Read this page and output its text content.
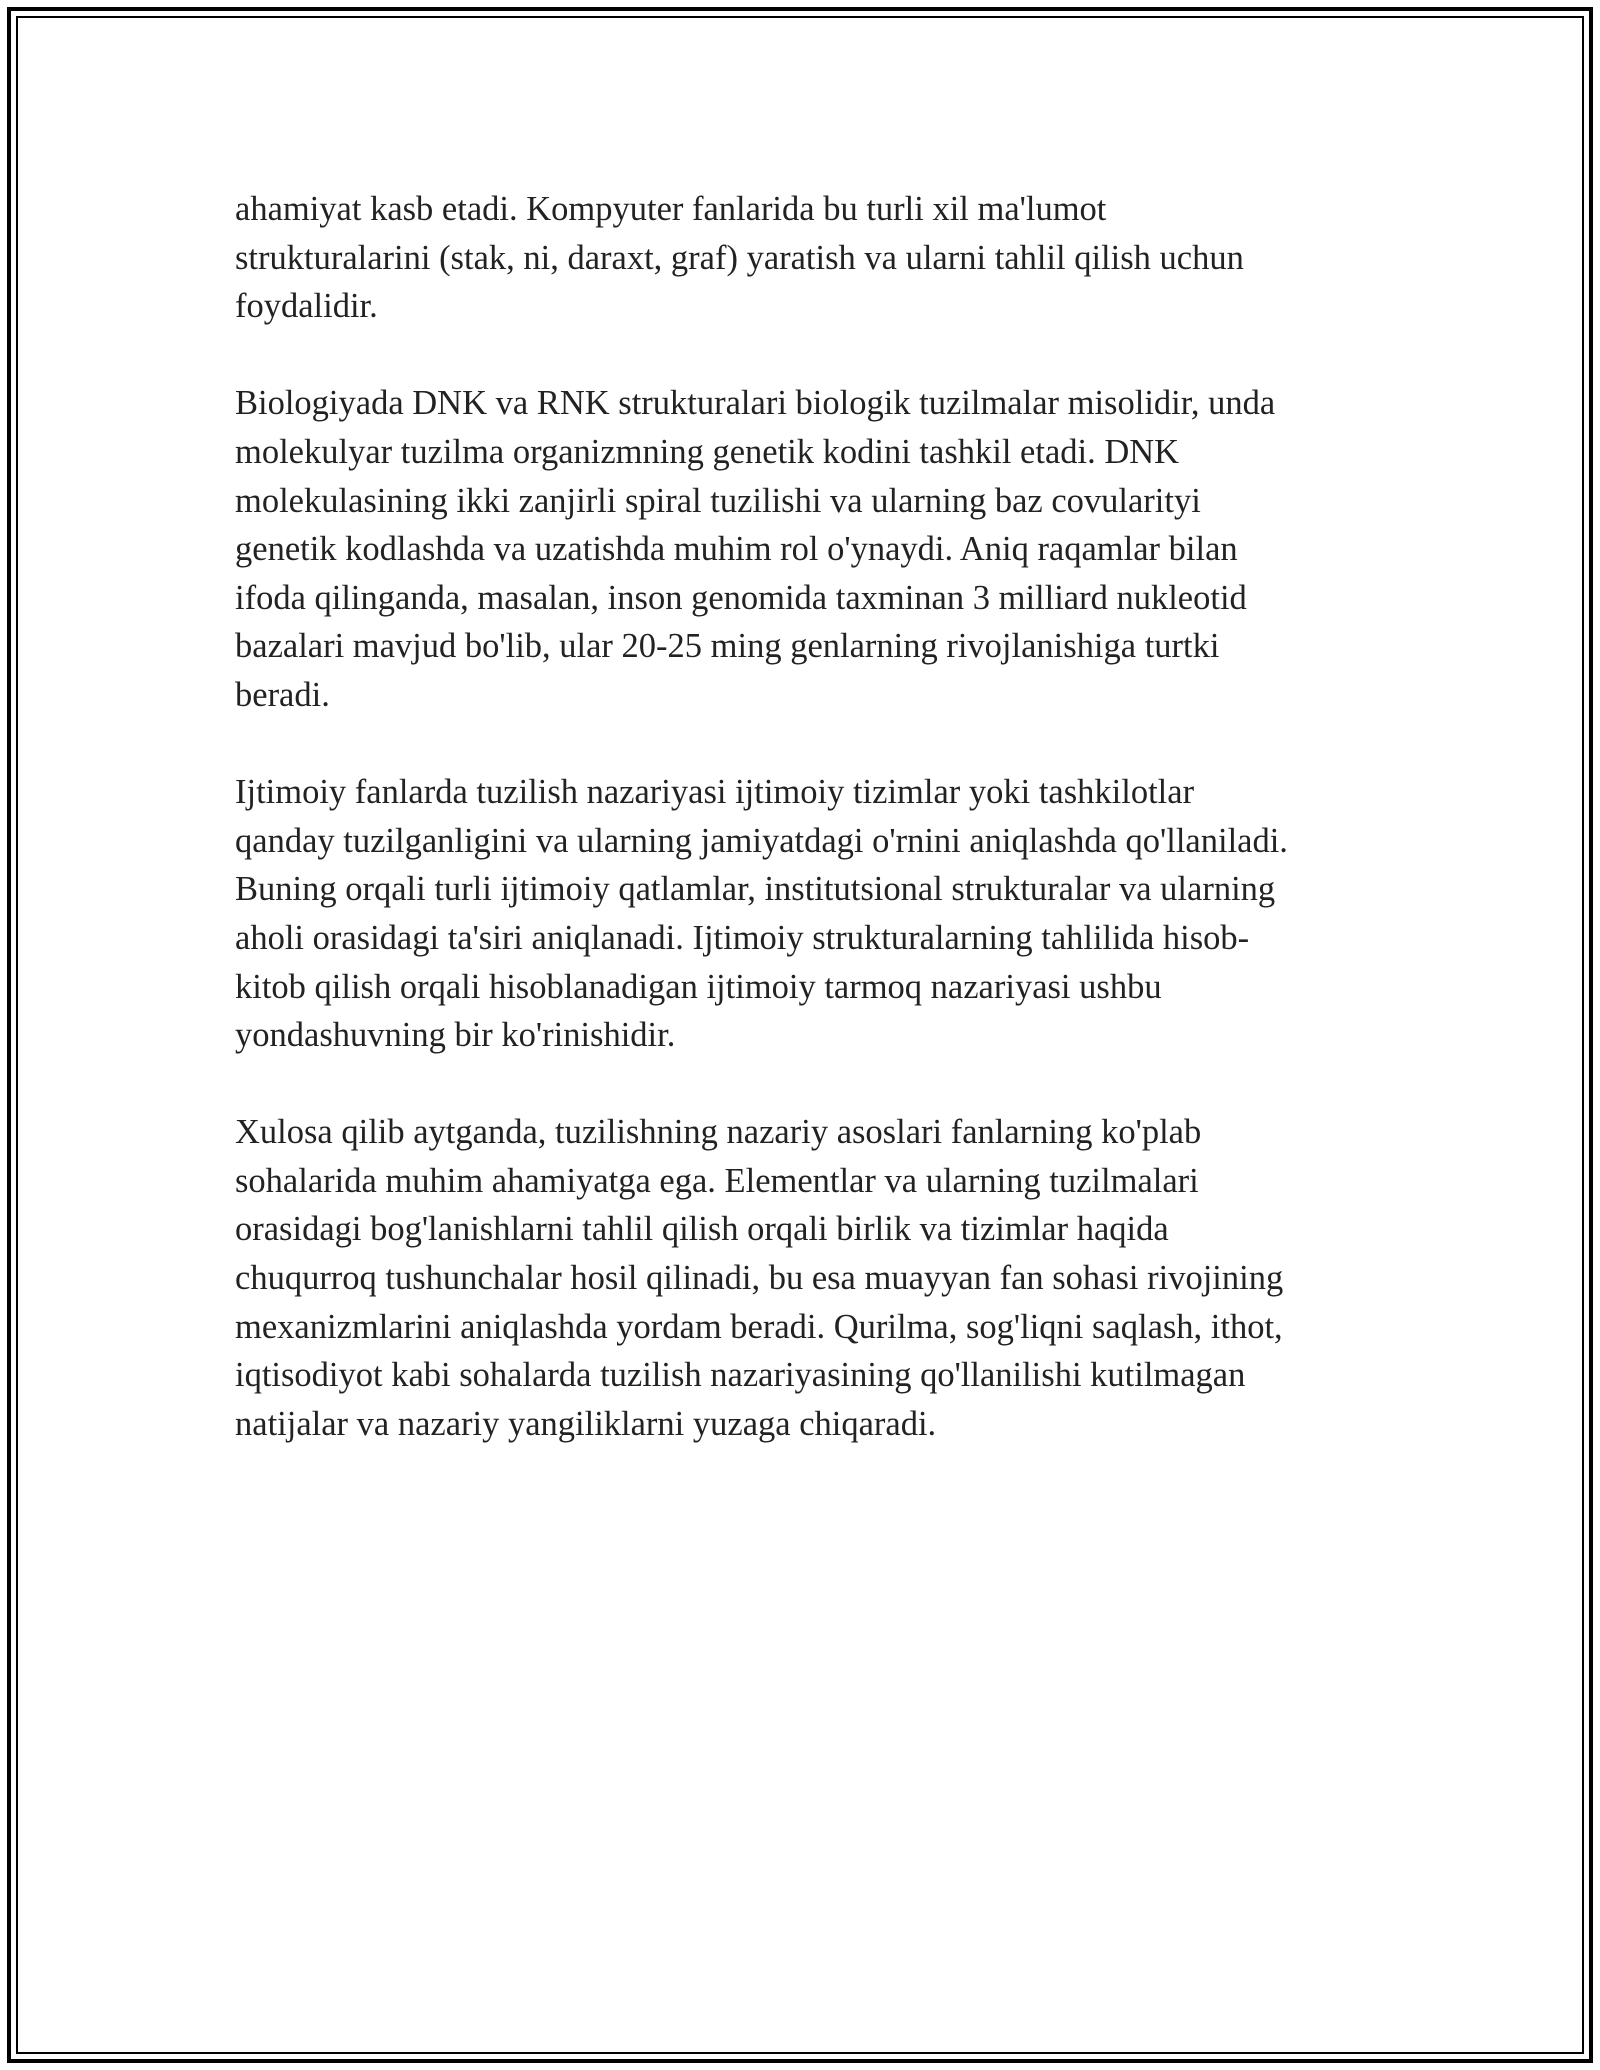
ahamiyat kasb etadi. Kompyuter fanlarida bu turli xil ma'lumot
strukturalarini (stak, ni, daraxt, graf) yaratish va ularni tahlil qilish uchun
foydalidir.

Biologiyada DNK va RNK strukturalari biologik tuzilmalar misolidir, unda
molekulyar tuzilma organizmning genetik kodini tashkil etadi. DNK
molekulasining ikki zanjirli spiral tuzilishi va ularning baz covularityi
genetik kodlashda va uzatishda muhim rol o'ynaydi. Aniq raqamlar bilan
ifoda qilinganda, masalan, inson genomida taxminan 3 milliard nukleotid
bazalari mavjud bo'lib, ular 20-25 ming genlarning rivojlanishiga turtki
beradi.

Ijtimoiy fanlarda tuzilish nazariyasi ijtimoiy tizimlar yoki tashkilotlar
qanday tuzilganligini va ularning jamiyatdagi o'rnini aniqlashda qo'llaniladi.
Buning orqali turli ijtimoiy qatlamlar, institutsional strukturalar va ularning
aholi orasidagi ta'siri aniqlanadi. Ijtimoiy strukturalarning tahlilida hisob-
kitob qilish orqali hisoblanadigan ijtimoiy tarmoq nazariyasi ushbu
yondashuvning bir ko'rinishidir.

Xulosa qilib aytganda, tuzilishning nazariy asoslari fanlarning ko'plab
sohalarida muhim ahamiyatga ega. Elementlar va ularning tuzilmalari
orasidagi bog'lanishlarni tahlil qilish orqali birlik va tizimlar haqida
chuqurroq tushunchalar hosil qilinadi, bu esa muayyan fan sohasi rivojining
mexanizmlarini aniqlashda yordam beradi. Qurilma, sog'liqni saqlash, ithot,
iqtisodiyot kabi sohalarda tuzilish nazariyasining qo'llanilishi kutilmagan
natijalar va nazariy yangiliklarni yuzaga chiqaradi.
